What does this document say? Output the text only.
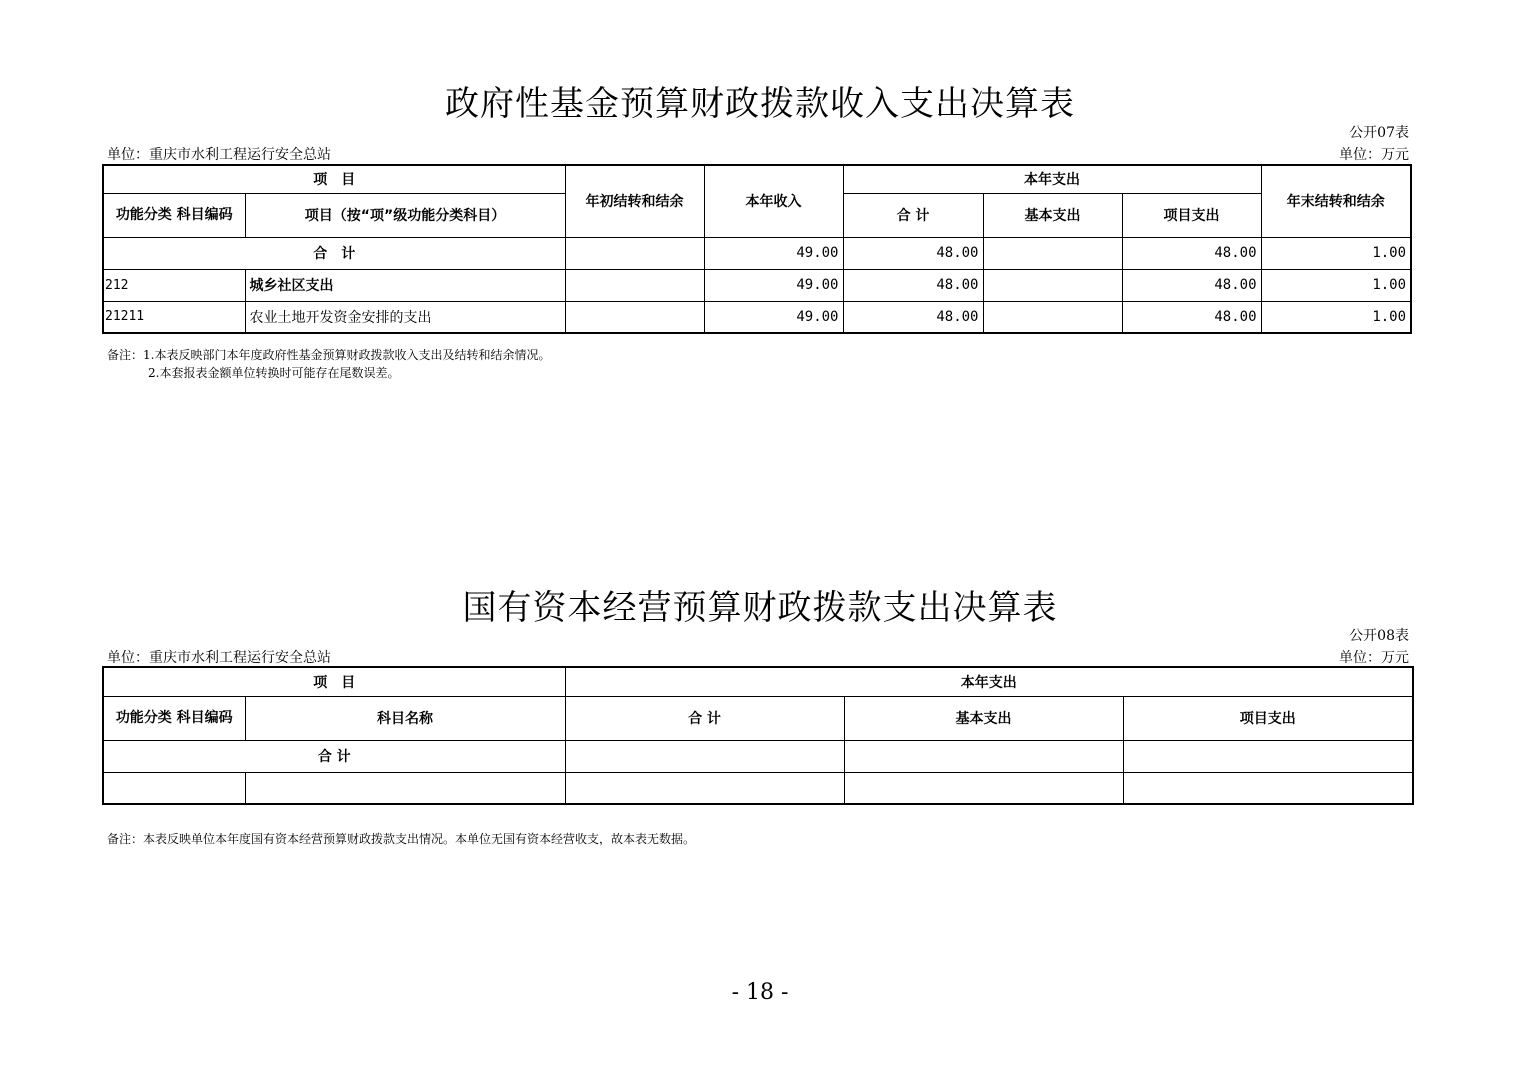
政府性基金预算财政拨款收入支出决算表
公开07表
单位：重庆市水利工程运行安全总站	单位：万元
项　目		年初结转和结余	本年收入	本年支出			年末结转和结余
功能分类 科目编码	项目（按“项”级功能分类科目）			合 计	基本支出	项目支出	
合　计			49.00	48.00		48.00	1.00
212	城乡社区支出		49.00	48.00		48.00	1.00
21211	农业土地开发资金安排的支出		49.00	48.00		48.00	1.00
备注：1.本表反映部门本年度政府性基金预算财政拨款收入支出及结转和结余情况。
2.本套报表金额单位转换时可能存在尾数误差。
国有资本经营预算财政拨款支出决算表
公开08表
单位：重庆市水利工程运行安全总站	单位：万元
项　目		本年支出		
功能分类 科目编码	科目名称	合 计	基本支出	项目支出
合 计				

备注：本表反映单位本年度国有资本经营预算财政拨款支出情况。本单位无国有资本经营收支，故本表无数据。
- 18 -
